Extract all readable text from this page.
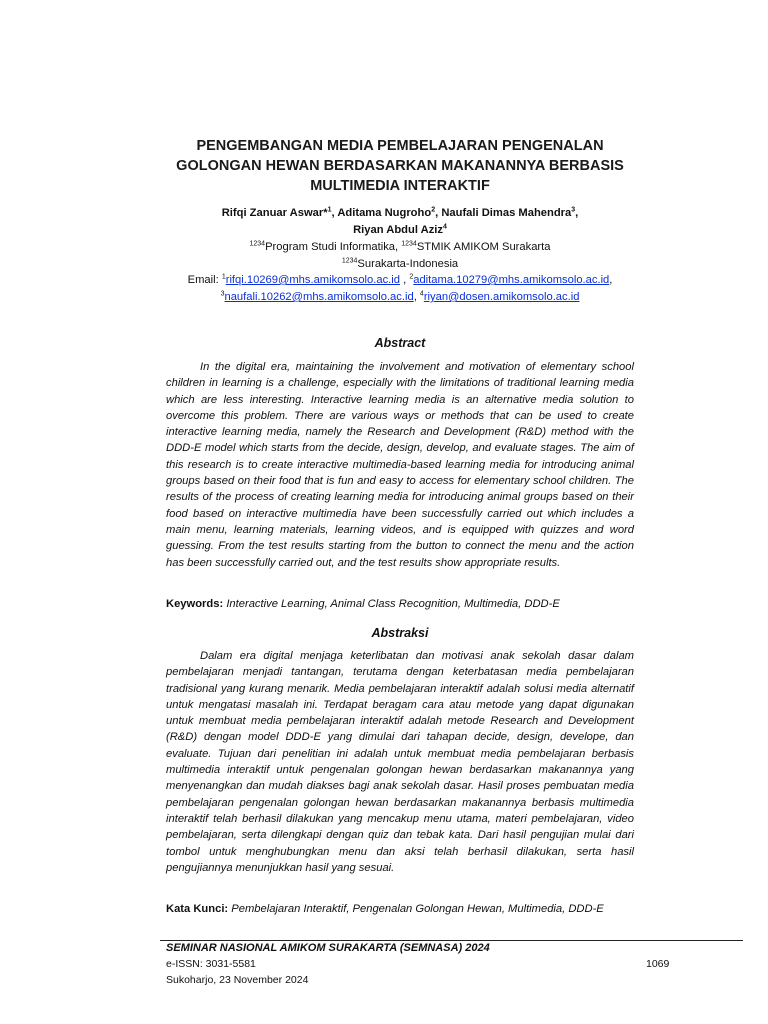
PENGEMBANGAN MEDIA PEMBELAJARAN PENGENALAN
GOLONGAN HEWAN BERDASARKAN MAKANANNYA BERBASIS
MULTIMEDIA INTERAKTIF
Rifqi Zanuar Aswar*$^1$, Aditama Nugroho$^2$, Naufali Dimas Mahendra$^3$,
Riyan Abdul Aziz$^4$
$^{1234}$Program Studi Informatika, $^{1234}$STMIK AMIKOM Surakarta
$^{1234}$Surakarta-Indonesia
Email: $^1$rifqi.10269@mhs.amikomsolo.ac.id , $^2$aditama.10279@mhs.amikomsolo.ac.id,
$^3$naufali.10262@mhs.amikomsolo.ac.id, $^4$riyan@dosen.amikomsolo.ac.id
Abstract

In the digital era, maintaining the involvement and motivation of elementary school children in learning is a challenge, especially with the limitations of traditional learning media which are less interesting. Interactive learning media is an alternative media solution to overcome this problem. There are various ways or methods that can be used to create interactive learning media, namely the Research and Development (R&D) method with the DDD-E model which starts from the decide, design, develop, and evaluate stages. The aim of this research is to create interactive multimedia-based learning media for introducing animal groups based on their food that is fun and easy to access for elementary school children. The results of the process of creating learning media for introducing animal groups based on their food based on interactive multimedia have been successfully carried out which includes a main menu, learning materials, learning videos, and is equipped with quizzes and word guessing. From the test results starting from the button to connect the menu and the action has been successfully carried out, and the test results show appropriate results.

Keywords: Interactive Learning, Animal Class Recognition, Multimedia, DDD-E
Abstraksi

Dalam era digital menjaga keterlibatan dan motivasi anak sekolah dasar dalam pembelajaran menjadi tantangan, terutama dengan keterbatasan media pembelajaran tradisional yang kurang menarik. Media pembelajaran interaktif adalah solusi media alternatif untuk mengatasi masalah ini. Terdapat beragam cara atau metode yang dapat digunakan untuk membuat media pembelajaran interaktif adalah metode Research and Development (R&D) dengan model DDD-E yang dimulai dari tahapan decide, design, develope, dan evaluate. Tujuan dari penelitian ini adalah untuk membuat media pembelajaran berbasis multimedia interaktif untuk pengenalan golongan hewan berdasarkan makanannya yang menyenangkan dan mudah diakses bagi anak sekolah dasar. Hasil proses pembuatan media pembelajaran pengenalan golongan hewan berdasarkan makanannya berbasis multimedia interaktif telah berhasil dilakukan yang mencakup menu utama, materi pembelajaran, video pembelajaran, serta dilengkapi dengan quiz dan tebak kata. Dari hasil pengujian mulai dari tombol untuk menghubungkan menu dan aksi telah berhasil dilakukan, serta hasil pengujiannya menunjukkan hasil yang sesuai.

Kata Kunci: Pembelajaran Interaktif, Pengenalan Golongan Hewan, Multimedia, DDD-E
SEMINAR NASIONAL AMIKOM SURAKARTA (SEMNASA) 2024
e-ISSN: 3031-5581
Sukoharjo, 23 November 2024
1069
